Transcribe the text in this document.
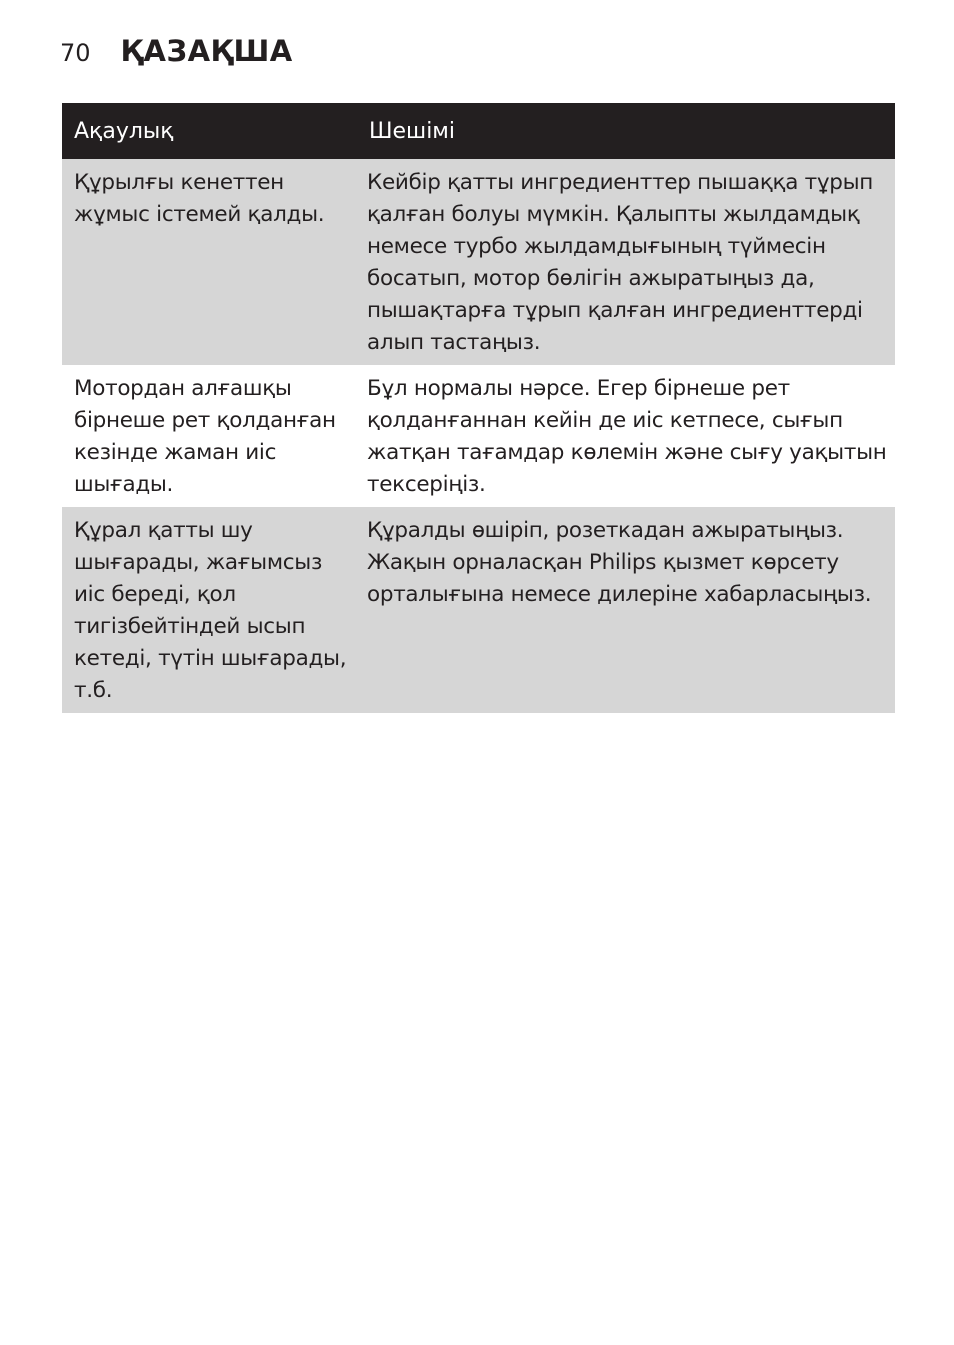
70 ҚАЗАҚША
Ақаулық	Шешімі
Құрылғы кенеттен жұмыс істемей қалды.	Кейбір қатты ингредиенттер пышаққа тұрып қалған болуы мүмкін. Қалыпты жылдамдық немесе турбо жылдамдығының түймесін босатып, мотор бөлігін ажыратыңыз да, пышақтарға тұрып қалған ингредиенттерді алып тастаңыз.
Мотордан алғашқы бірнеше рет қолданған кезінде жаман иіс шығады.	Бұл нормалы нәрсе. Егер бірнеше рет қолданғаннан кейін де иіс кетпесе, сығып жатқан тағамдар көлемін және сығу уақытын тексеріңіз.
Құрал қатты шу шығарады, жағымсыз иіс береді, қол тигізбейтіндей ысып кетеді, түтін шығарады, т.б.	Құралды өшіріп, розеткадан ажыратыңыз. Жақын орналасқан Philips қызмет көрсету орталығына немесе дилеріне хабарласыңыз.
